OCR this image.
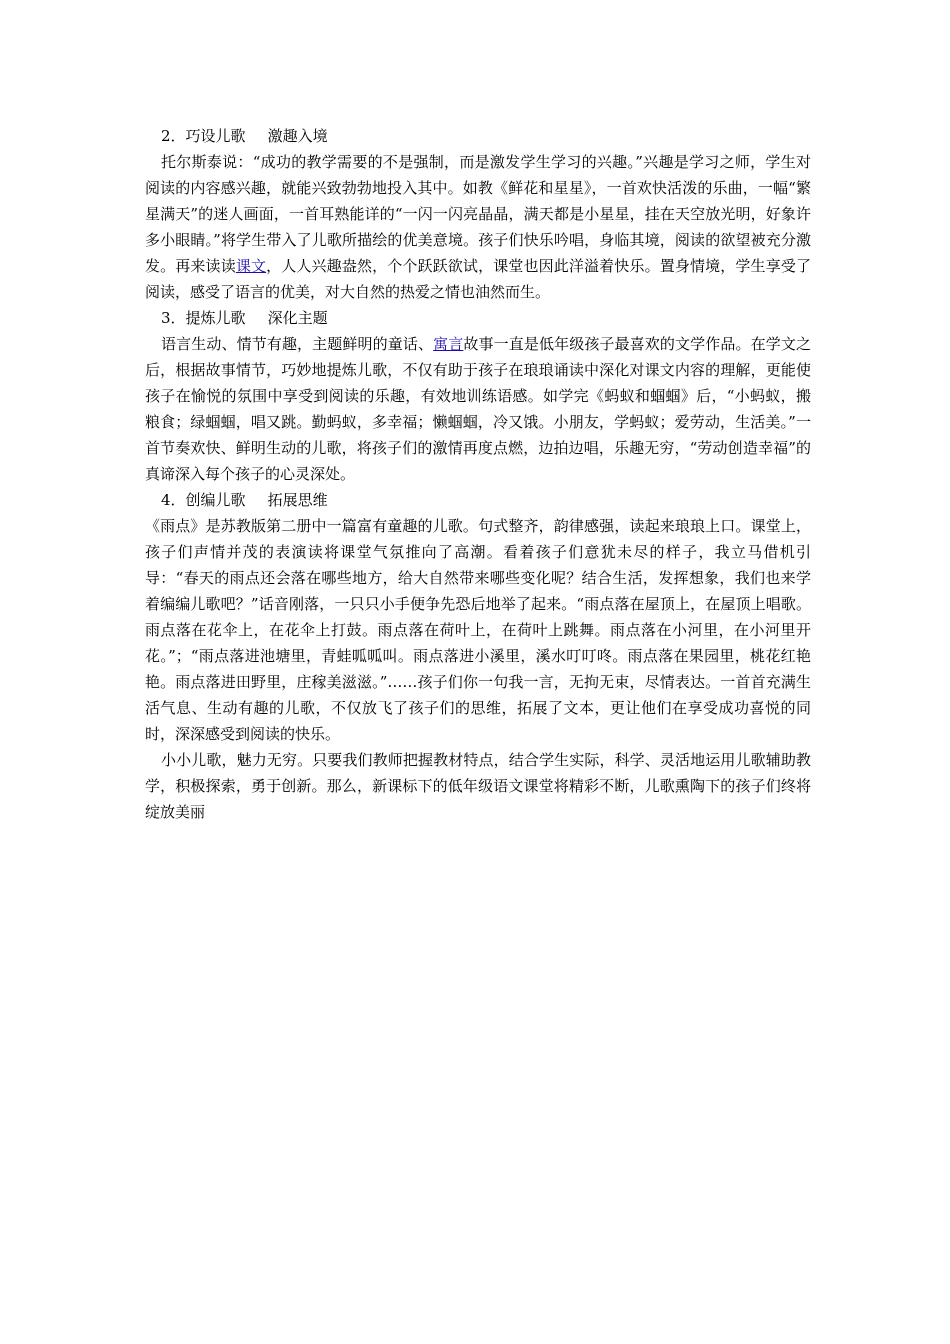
2．巧设儿歌 激趣入境

托尔斯泰说：“成功的教学需要的不是强制，而是激发学生学习的兴趣。”兴趣是学习之师，学生对阅读的内容感兴趣，就能兴致勃勃地投入其中。如教《鲜花和星星》，一首欢快活泼的乐曲，一幅“繁星满天”的迷人画面，一首耳熟能详的“一闪一闪亮晶晶，满天都是小星星，挂在天空放光明，好象许多小眼睛。”将学生带入了儿歌所描绘的优美意境。孩子们快乐吟唱，身临其境，阅读的欲望被充分激发。再来读读课文，人人兴趣盎然，个个跃跃欲试，课堂也因此洋溢着快乐。置身情境，学生享受了阅读，感受了语言的优美，对大自然的热爱之情也油然而生。

3．提炼儿歌 深化主题

语言生动、情节有趣，主题鲜明的童话、寓言故事一直是低年级孩子最喜欢的文学作品。在学文之后，根据故事情节，巧妙地提炼儿歌，不仅有助于孩子在琅琅诵读中深化对课文内容的理解，更能使孩子在愉悦的氛围中享受到阅读的乐趣，有效地训练语感。如学完《蚂蚁和蝈蝈》后，“小蚂蚁，搬粮食；绿蝈蝈，唱又跳。勤蚂蚁，多幸福；懒蝈蝈，冷又饿。小朋友，学蚂蚁；爱劳动，生活美。”一首节奏欢快、鲜明生动的儿歌，将孩子们的激情再度点燃，边拍边唱，乐趣无穷，“劳动创造幸福”的真谛深入每个孩子的心灵深处。

4．创编儿歌 拓展思维

《雨点》是苏教版第二册中一篇富有童趣的儿歌。句式整齐，韵律感强，读起来琅琅上口。课堂上，孩子们声情并茂的表演读将课堂气氛推向了高潮。看着孩子们意犹未尽的样子，我立马借机引导：“春天的雨点还会落在哪些地方，给大自然带来哪些变化呢？结合生活，发挥想象，我们也来学着编编儿歌吧？”话音刚落，一只只小手便争先恐后地举了起来。“雨点落在屋顶上，在屋顶上唱歌。雨点落在花伞上，在花伞上打鼓。雨点落在荷叶上，在荷叶上跳舞。雨点落在小河里，在小河里开花。”；“雨点落进池塘里，青蛙呱呱叫。雨点落进小溪里，溪水叮叮咚。雨点落在果园里，桃花红艳艳。雨点落进田野里，庄稼美滋滋。”……孩子们你一句我一言，无拘无束，尽情表达。一首首充满生活气息、生动有趣的儿歌，不仅放飞了孩子们的思维，拓展了文本，更让他们在享受成功喜悦的同时，深深感受到阅读的快乐。

小小儿歌，魅力无穷。只要我们教师把握教材特点，结合学生实际，科学、灵活地运用儿歌辅助教学，积极探索，勇于创新。那么，新课标下的低年级语文课堂将精彩不断，儿歌熏陶下的孩子们终将绽放美丽
